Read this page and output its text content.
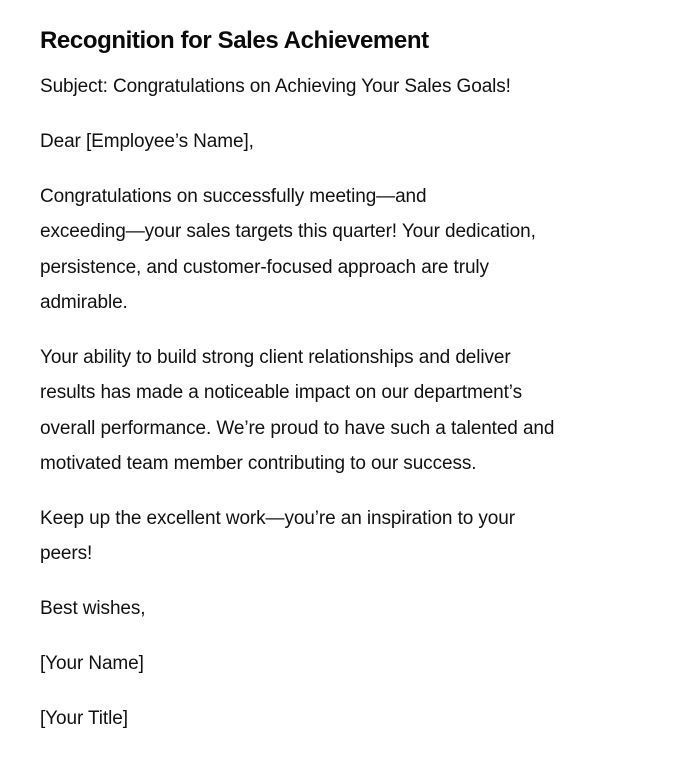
Recognition for Sales Achievement

Subject: Congratulations on Achieving Your Sales Goals!

Dear [Employee’s Name],

Congratulations on successfully meeting—and
exceeding—your sales targets this quarter! Your dedication,
persistence, and customer-focused approach are truly
admirable.
Your ability to build strong client relationships and deliver
results has made a noticeable impact on our department’s
overall performance. We’re proud to have such a talented and
motivated team member contributing to our success.
Keep up the excellent work—you’re an inspiration to your
peers!

Best wishes,

[Your Name]

[Your Title]
